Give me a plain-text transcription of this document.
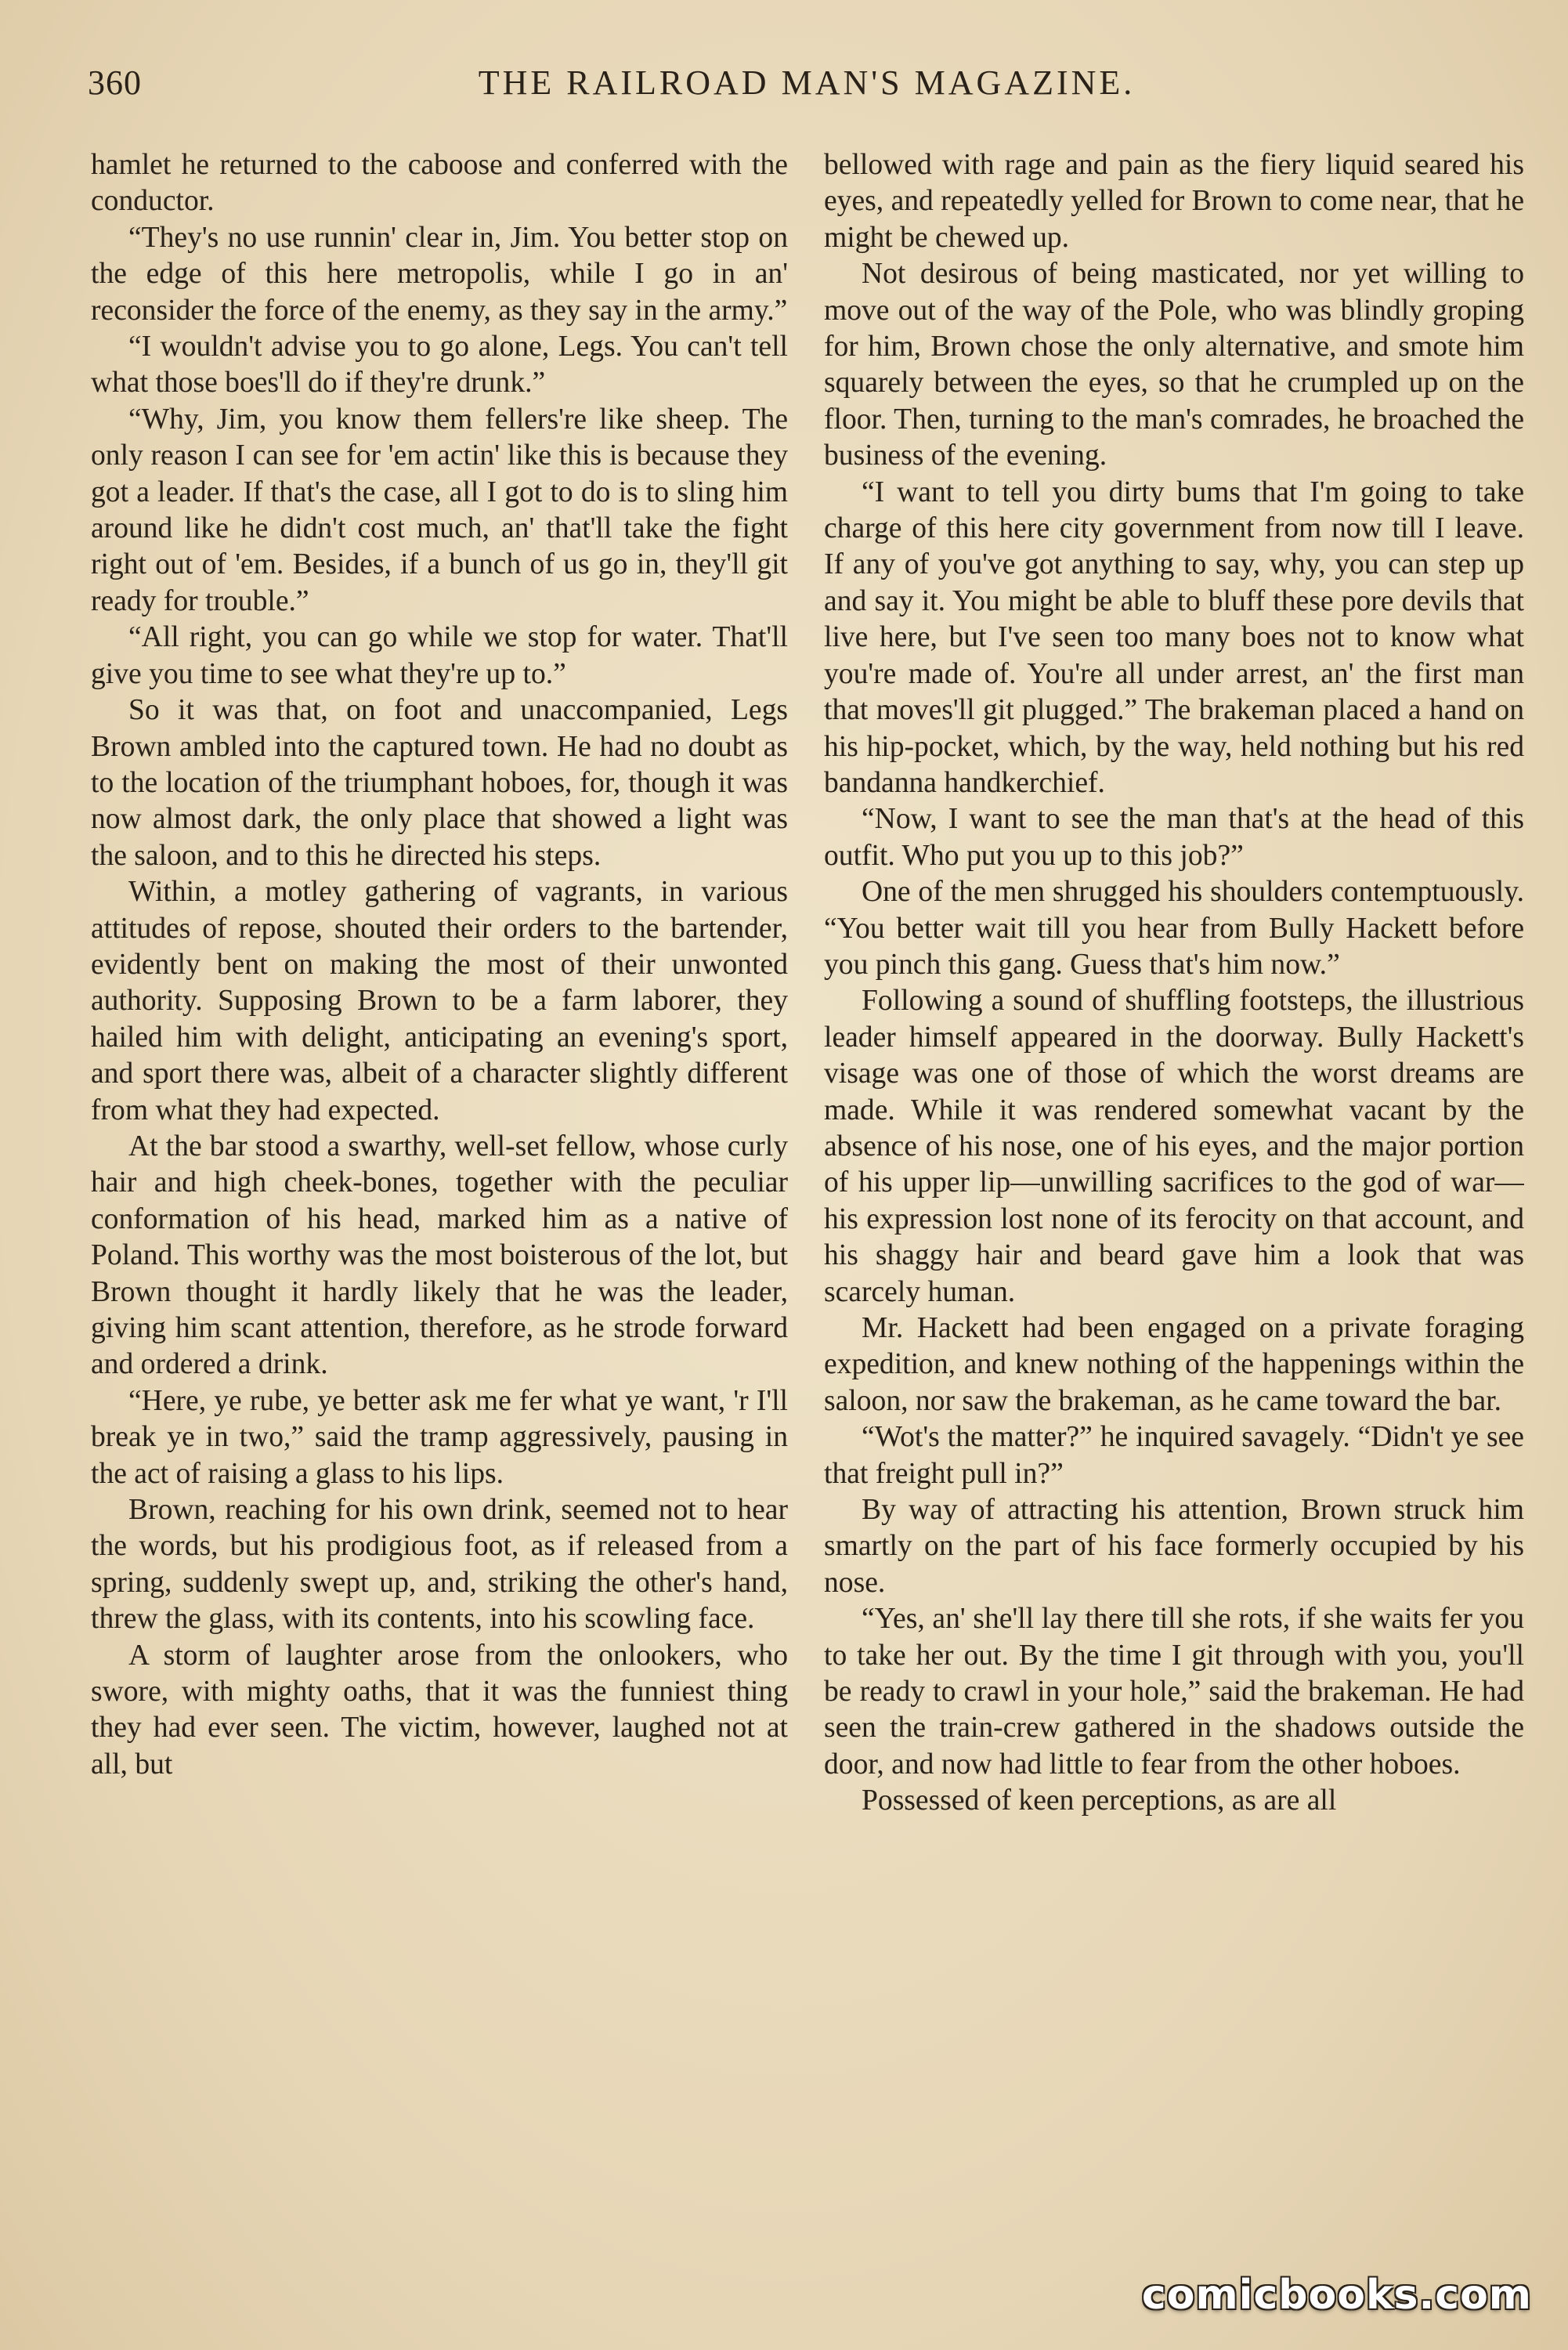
360	THE RAILROAD MAN'S MAGAZINE.

hamlet he returned to the caboose and conferred with the conductor.

“They's no use runnin' clear in, Jim. You better stop on the edge of this here metropolis, while I go in an' reconsider the force of the enemy, as they say in the army.”

“I wouldn't advise you to go alone, Legs. You can't tell what those boes'll do if they're drunk.”

“Why, Jim, you know them fellers're like sheep. The only reason I can see for 'em actin' like this is because they got a leader. If that's the case, all I got to do is to sling him around like he didn't cost much, an' that'll take the fight right out of 'em. Besides, if a bunch of us go in, they'll git ready for trouble.”

“All right, you can go while we stop for water. That'll give you time to see what they're up to.”

So it was that, on foot and unaccompanied, Legs Brown ambled into the captured town. He had no doubt as to the location of the triumphant hoboes, for, though it was now almost dark, the only place that showed a light was the saloon, and to this he directed his steps.

Within, a motley gathering of vagrants, in various attitudes of repose, shouted their orders to the bartender, evidently bent on making the most of their unwonted authority. Supposing Brown to be a farm laborer, they hailed him with delight, anticipating an evening's sport, and sport there was, albeit of a character slightly different from what they had expected.

At the bar stood a swarthy, well-set fellow, whose curly hair and high cheek-bones, together with the peculiar conformation of his head, marked him as a native of Poland. This worthy was the most boisterous of the lot, but Brown thought it hardly likely that he was the leader, giving him scant attention, therefore, as he strode forward and ordered a drink.

“Here, ye rube, ye better ask me fer what ye want, 'r I'll break ye in two,” said the tramp aggressively, pausing in the act of raising a glass to his lips.

Brown, reaching for his own drink, seemed not to hear the words, but his prodigious foot, as if released from a spring, suddenly swept up, and, striking the other's hand, threw the glass, with its contents, into his scowling face.

A storm of laughter arose from the onlookers, who swore, with mighty oaths, that it was the funniest thing they had ever seen. The victim, however, laughed not at all, but

bellowed with rage and pain as the fiery liquid seared his eyes, and repeatedly yelled for Brown to come near, that he might be chewed up.

Not desirous of being masticated, nor yet willing to move out of the way of the Pole, who was blindly groping for him, Brown chose the only alternative, and smote him squarely between the eyes, so that he crumpled up on the floor. Then, turning to the man's comrades, he broached the business of the evening.

“I want to tell you dirty bums that I'm going to take charge of this here city government from now till I leave. If any of you've got anything to say, why, you can step up and say it. You might be able to bluff these pore devils that live here, but I've seen too many boes not to know what you're made of. You're all under arrest, an' the first man that moves'll git plugged.” The brakeman placed a hand on his hip-pocket, which, by the way, held nothing but his red bandanna handkerchief.

“Now, I want to see the man that's at the head of this outfit. Who put you up to this job?”

One of the men shrugged his shoulders contemptuously. “You better wait till you hear from Bully Hackett before you pinch this gang. Guess that's him now.”

Following a sound of shuffling footsteps, the illustrious leader himself appeared in the doorway. Bully Hackett's visage was one of those of which the worst dreams are made. While it was rendered somewhat vacant by the absence of his nose, one of his eyes, and the major portion of his upper lip—unwilling sacrifices to the god of war—his expression lost none of its ferocity on that account, and his shaggy hair and beard gave him a look that was scarcely human.

Mr. Hackett had been engaged on a private foraging expedition, and knew nothing of the happenings within the saloon, nor saw the brakeman, as he came toward the bar.

“Wot's the matter?” he inquired savagely. “Didn't ye see that freight pull in?”

By way of attracting his attention, Brown struck him smartly on the part of his face formerly occupied by his nose.

“Yes, an' she'll lay there till she rots, if she waits fer you to take her out. By the time I git through with you, you'll be ready to crawl in your hole,” said the brakeman. He had seen the train-crew gathered in the shadows outside the door, and now had little to fear from the other hoboes.

Possessed of keen perceptions, as are all

comicbooks.com
